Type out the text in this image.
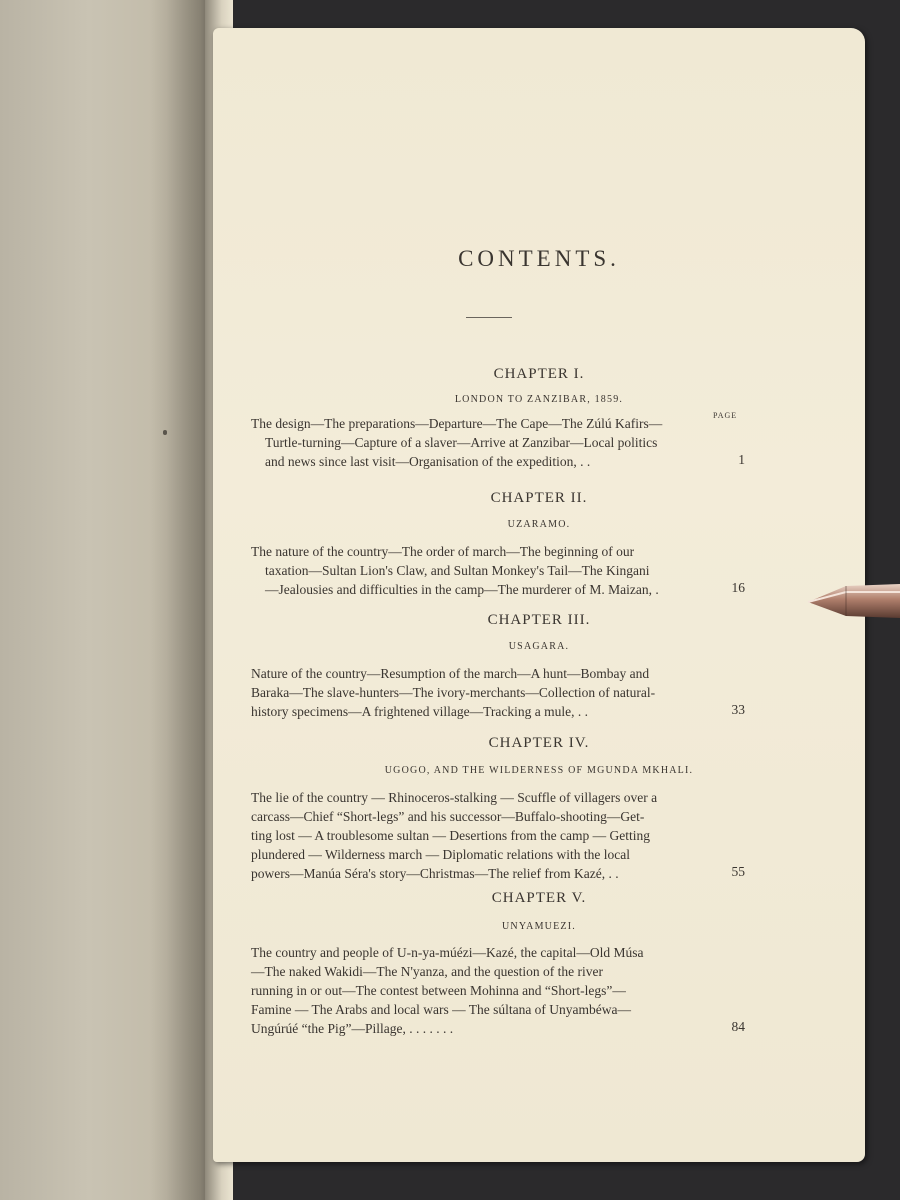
CONTENTS.
CHAPTER I.
LONDON TO ZANZIBAR, 1859.
PAGE
The design—The preparations—Departure—The Cape—The Zúlú Kafirs—
Turtle-turning—Capture of a slaver—Arrive at Zanzibar—Local politics
and news since last visit—Organisation of the expedition, . .	1
CHAPTER II.
UZARAMO.
The nature of the country—The order of march—The beginning of our
taxation—Sultan Lion's Claw, and Sultan Monkey's Tail—The Kingani
—Jealousies and difficulties in the camp—The murderer of M. Maizan, .	16
CHAPTER III.
USAGARA.
Nature of the country—Resumption of the march—A hunt—Bombay and
Baraka—The slave-hunters—The ivory-merchants—Collection of natural-
history specimens—A frightened village—Tracking a mule, . .	33
CHAPTER IV.
UGOGO, AND THE WILDERNESS OF MGUNDA MKHALI.
The lie of the country — Rhinoceros-stalking — Scuffle of villagers over a
carcass—Chief “Short-legs” and his successor—Buffalo-shooting—Get-
ting lost — A troublesome sultan — Desertions from the camp — Getting
plundered — Wilderness march — Diplomatic relations with the local
powers—Manúa Séra's story—Christmas—The relief from Kazé, . .	55
CHAPTER V.
UNYAMUEZI.
The country and people of U-n-ya-múézi—Kazé, the capital—Old Músa
—The naked Wakidi—The N'yanza, and the question of the river
running in or out—The contest between Mohinna and “Short-legs”—
Famine — The Arabs and local wars — The súltana of Unyambéwa—
Ungúrúé “the Pig”—Pillage, . . . . . . .	84
